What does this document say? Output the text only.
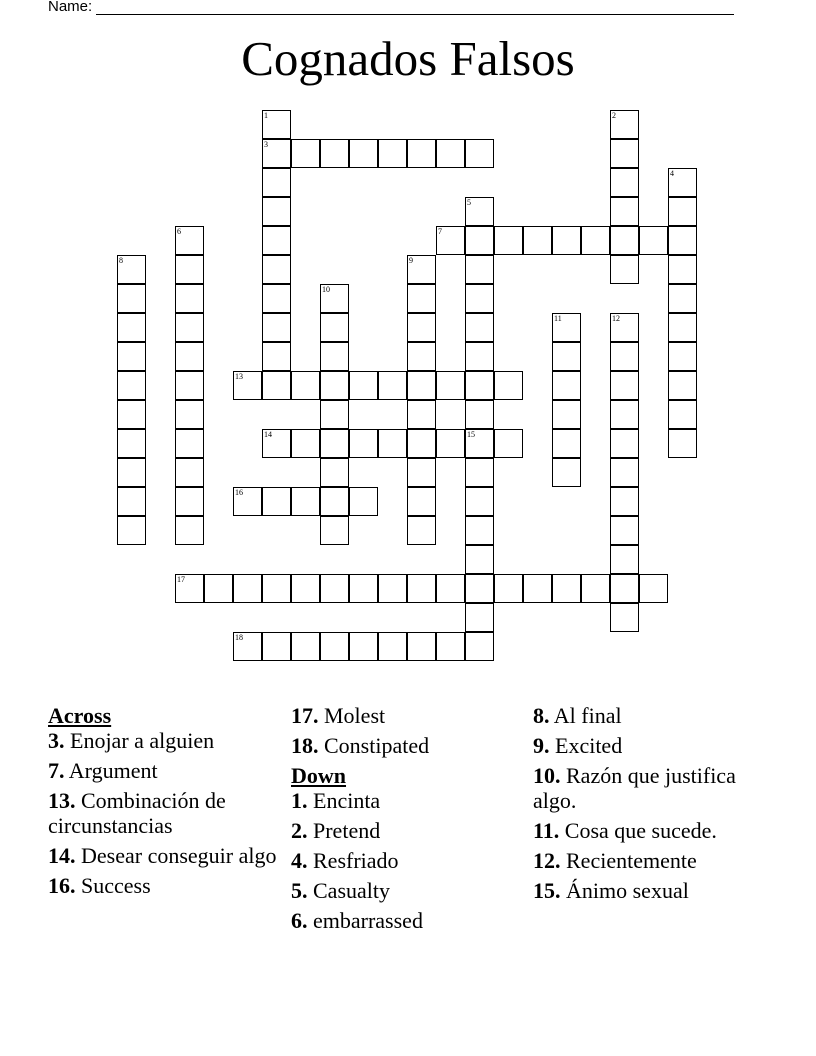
Name:
Cognados Falsos
1
3
2
4
5
15
6	7
8	9
10
11	12
13
14
16
17
18
Across
3. Enojar a alguien
7. Argument
13. Combinación de circunstancias
14. Desear conseguir algo
16. Success
17. Molest
18. Constipated
Down
1. Encinta
2. Pretend
4. Resfriado
5. Casualty
6. embarrassed
8. Al final
9. Excited
10. Razón que justifica algo.
11. Cosa que sucede.
12. Recientemente
15. Ánimo sexual
